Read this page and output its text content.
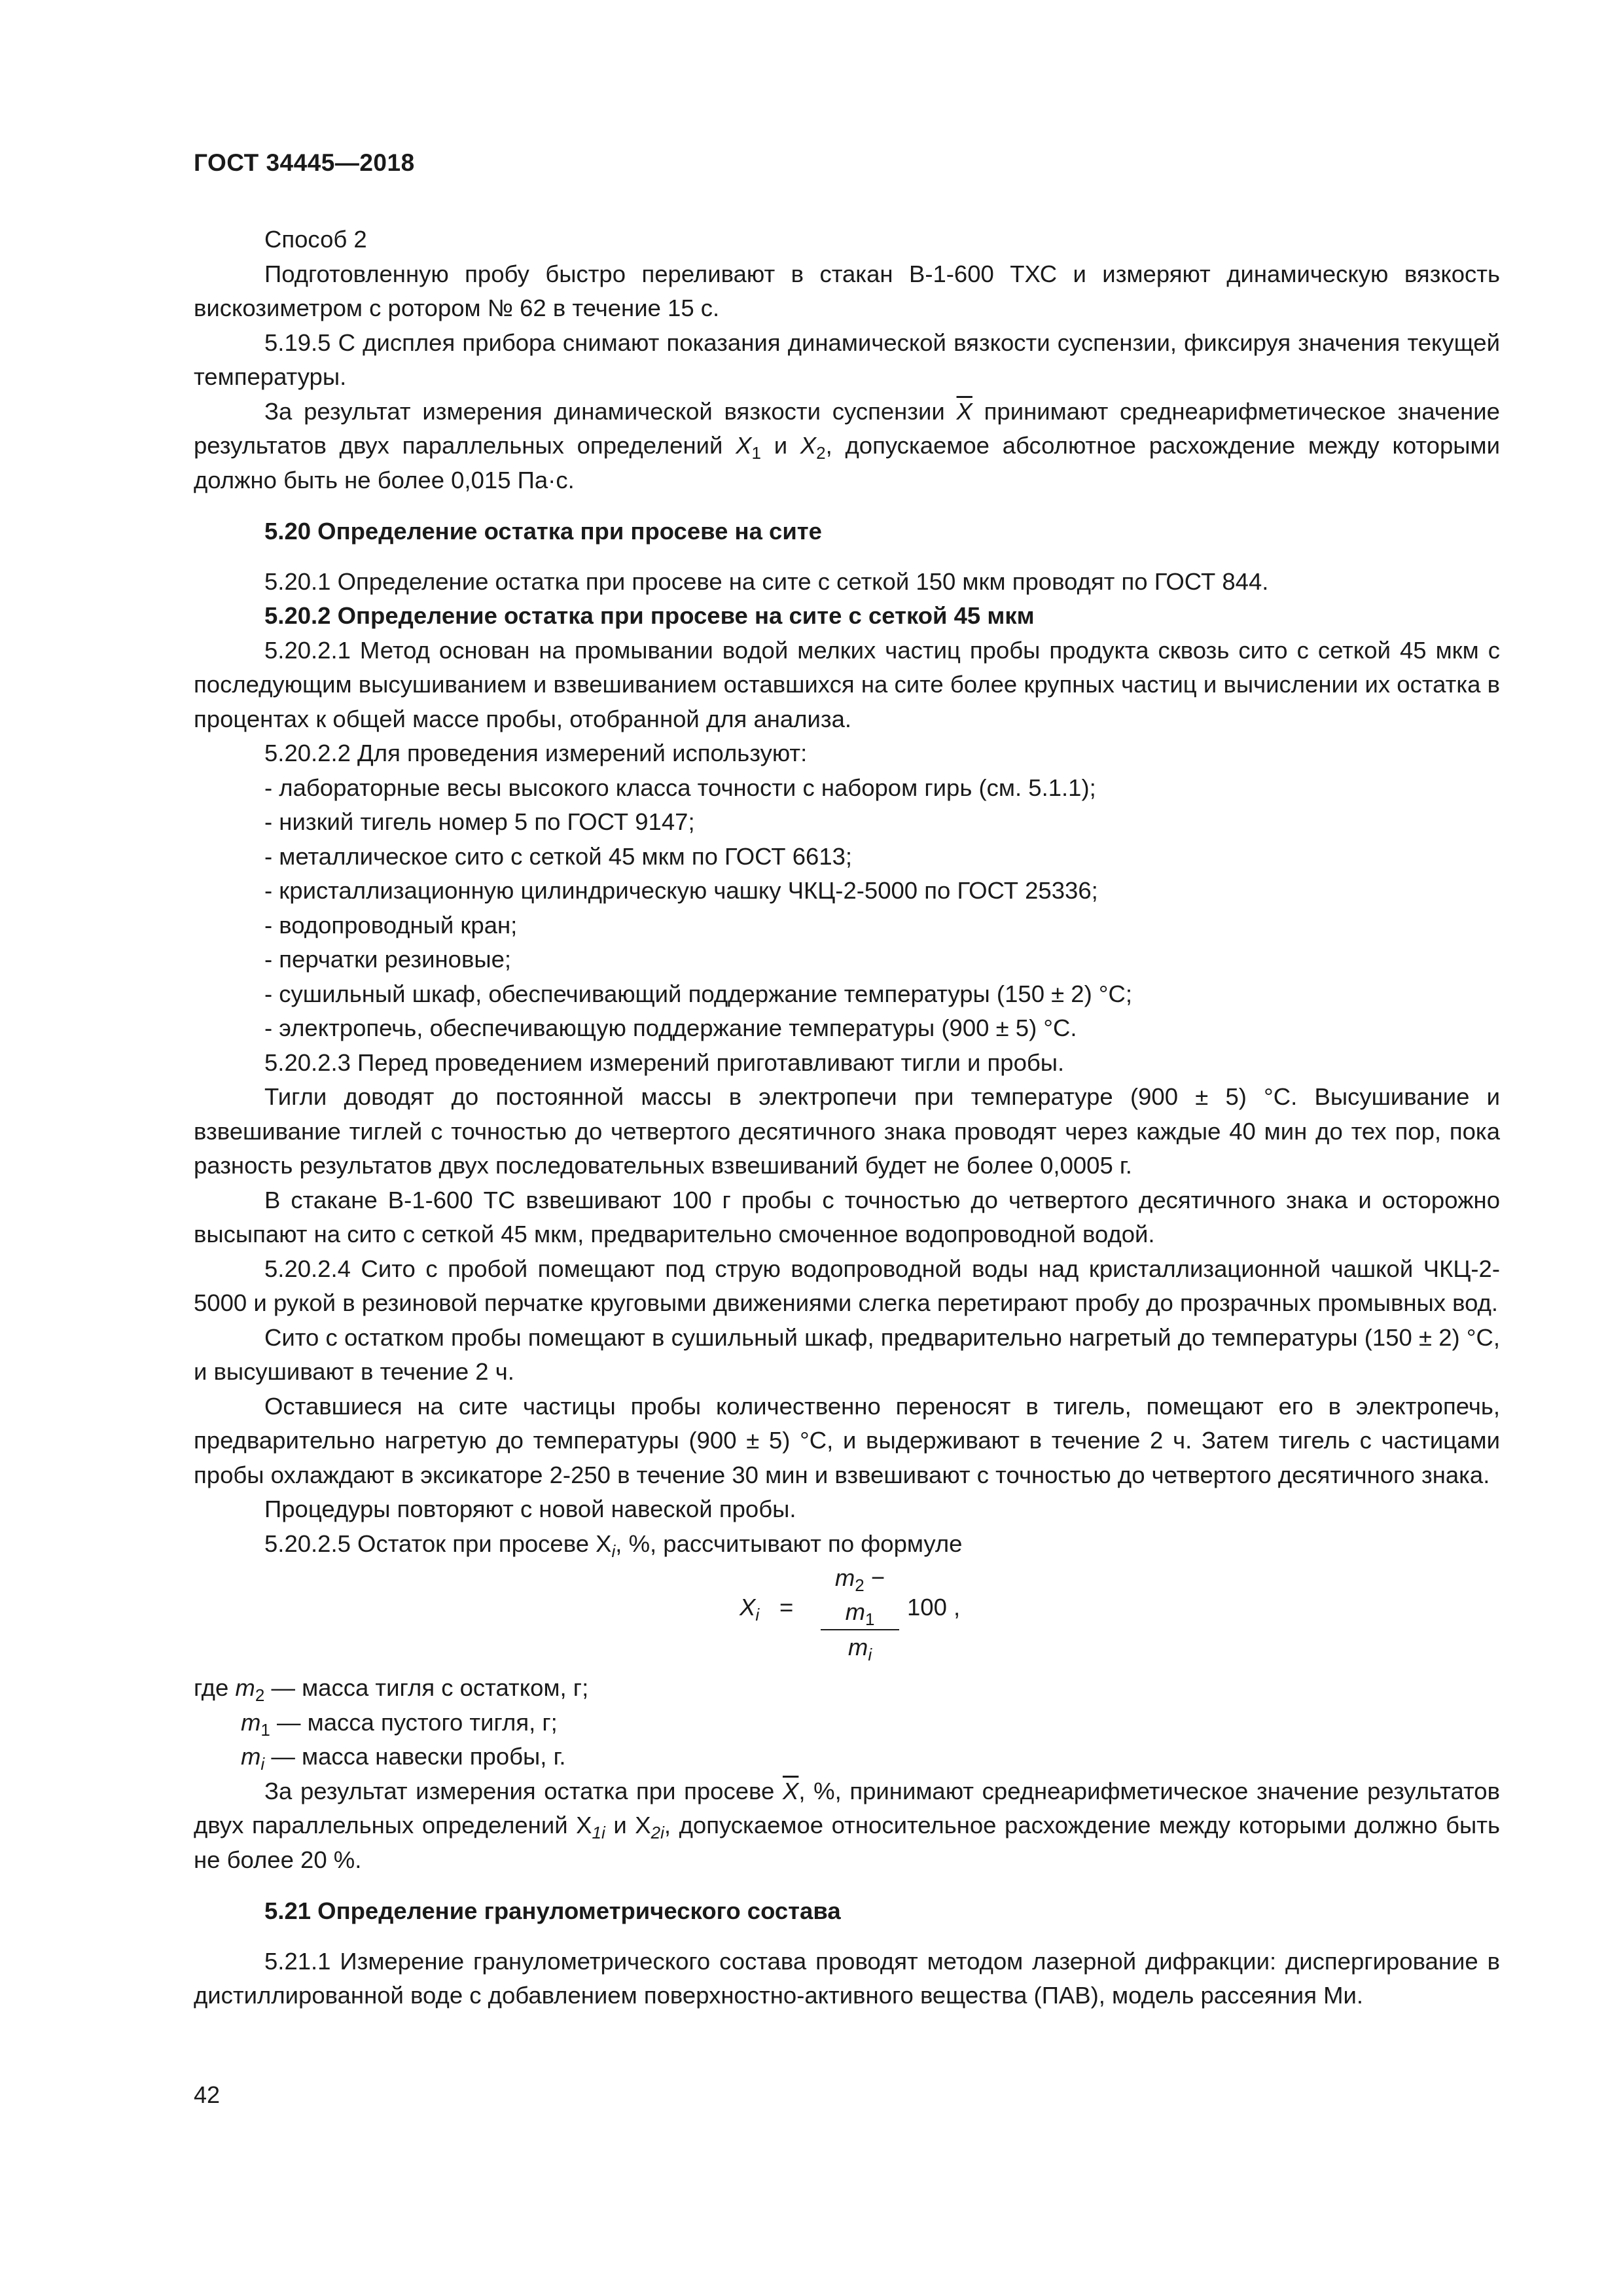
ГОСТ 34445—2018

Способ 2

Подготовленную пробу быстро переливают в стакан В-1-600 ТХС и измеряют динамическую вязкость вискозиметром с ротором № 62 в течение 15 с.

5.19.5 С дисплея прибора снимают показания динамической вязкости суспензии, фиксируя значения текущей температуры.

За результат измерения динамической вязкости суспензии $\overline{X}$ принимают среднеарифметическое значение результатов двух параллельных определений $X_1$ и $X_2$, допускаемое абсолютное расхождение между которыми должно быть не более 0,015 Па·с.

5.20 Определение остатка при просеве на сите

5.20.1 Определение остатка при просеве на сите с сеткой 150 мкм проводят по ГОСТ 844.

5.20.2 Определение остатка при просеве на сите с сеткой 45 мкм

5.20.2.1 Метод основан на промывании водой мелких частиц пробы продукта сквозь сито с сеткой 45 мкм с последующим высушиванием и взвешиванием оставшихся на сите более крупных частиц и вычислении их остатка в процентах к общей массе пробы, отобранной для анализа.

5.20.2.2 Для проведения измерений используют:

- лабораторные весы высокого класса точности с набором гирь (см. 5.1.1);

- низкий тигель номер 5 по ГОСТ 9147;

- металлическое сито с сеткой 45 мкм по ГОСТ 6613;

- кристаллизационную цилиндрическую чашку ЧКЦ-2-5000 по ГОСТ 25336;

- водопроводный кран;

- перчатки резиновые;

- сушильный шкаф, обеспечивающий поддержание температуры (150 ± 2) °С;

- электропечь, обеспечивающую поддержание температуры (900 ± 5) °С.

5.20.2.3 Перед проведением измерений приготавливают тигли и пробы.

Тигли доводят до постоянной массы в электропечи при температуре (900 ± 5) °С. Высушивание и взвешивание тиглей с точностью до четвертого десятичного знака проводят через каждые 40 мин до тех пор, пока разность результатов двух последовательных взвешиваний будет не более 0,0005 г.

В стакане В-1-600 ТС взвешивают 100 г пробы с точностью до четвертого десятичного знака и осторожно высыпают на сито с сеткой 45 мкм, предварительно смоченное водопроводной водой.

5.20.2.4 Сито с пробой помещают под струю водопроводной воды над кристаллизационной чашкой ЧКЦ-2-5000 и рукой в резиновой перчатке круговыми движениями слегка перетирают пробу до прозрачных промывных вод.

Сито с остатком пробы помещают в сушильный шкаф, предварительно нагретый до температуры (150 ± 2) °С, и высушивают в течение 2 ч.

Оставшиеся на сите частицы пробы количественно переносят в тигель, помещают его в электропечь, предварительно нагретую до температуры (900 ± 5) °С, и выдерживают в течение 2 ч. Затем тигель с частицами пробы охлаждают в эксикаторе 2-250 в течение 30 мин и взвешивают с точностью до четвертого десятичного знака.

Процедуры повторяют с новой навеской пробы.

5.20.2.5 Остаток при просеве $X_i$, %, рассчитывают по формуле

$X_i = \frac{m_2 - m_1}{m_i} 100$ ,

где $m_2$ — масса тигля с остатком, г;

$m_1$ — масса пустого тигля, г;

$m_i$ — масса навески пробы, г.

За результат измерения остатка при просеве $\overline{X}$, %, принимают среднеарифметическое значение результатов двух параллельных определений $X_{1i}$ и $X_{2i}$, допускаемое относительное расхождение между которыми должно быть не более 20 %.

5.21 Определение гранулометрического состава

5.21.1 Измерение гранулометрического состава проводят методом лазерной дифракции: диспергирование в дистиллированной воде с добавлением поверхностно-активного вещества (ПАВ), модель рассеяния Ми.

42
